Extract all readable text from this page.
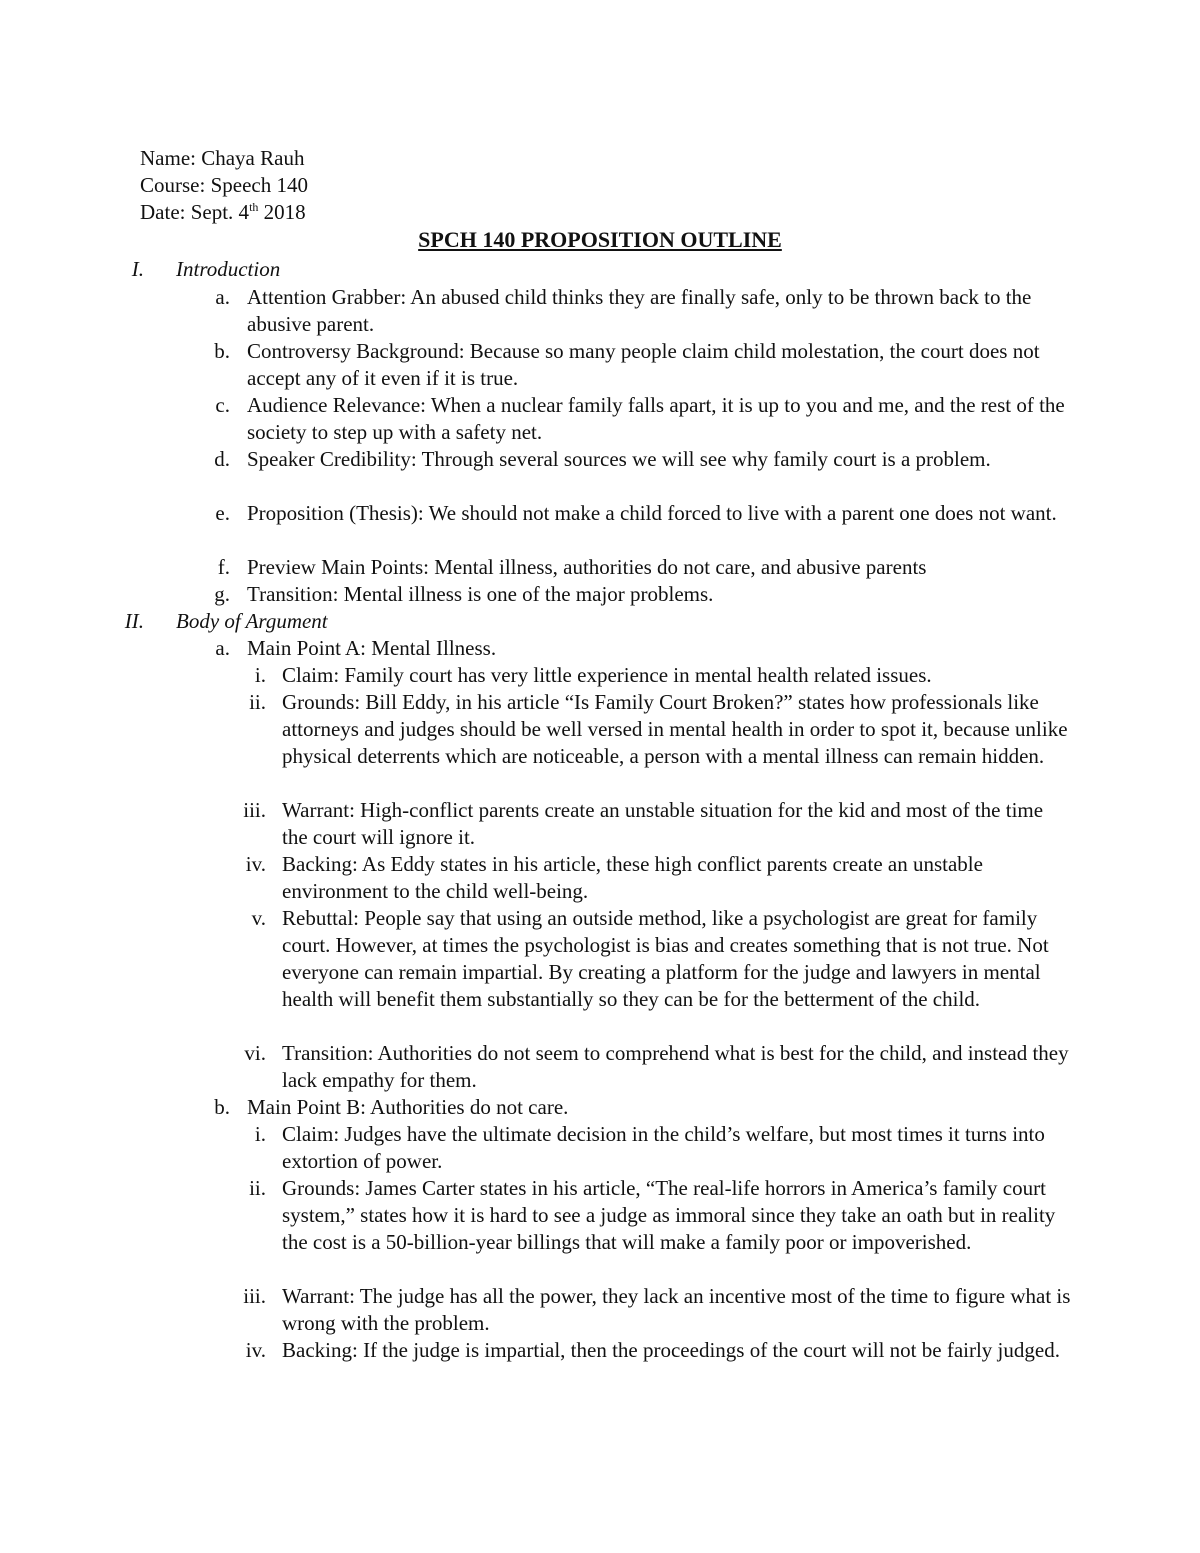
Name: Chaya Rauh
Course: Speech 140
Date: Sept. 4th 2018
SPCH 140 PROPOSITION OUTLINE
I. Introduction
a. Attention Grabber: An abused child thinks they are finally safe, only to be thrown back to the abusive parent.
b. Controversy Background: Because so many people claim child molestation, the court does not accept any of it even if it is true.
c. Audience Relevance: When a nuclear family falls apart, it is up to you and me, and the rest of the society to step up with a safety net.
d. Speaker Credibility: Through several sources we will see why family court is a problem.
e. Proposition (Thesis): We should not make a child forced to live with a parent one does not want.
f. Preview Main Points: Mental illness, authorities do not care, and abusive parents
g. Transition: Mental illness is one of the major problems.
II. Body of Argument
a. Main Point A: Mental Illness.
i. Claim: Family court has very little experience in mental health related issues.
ii. Grounds: Bill Eddy, in his article “Is Family Court Broken?” states how professionals like attorneys and judges should be well versed in mental health in order to spot it, because unlike physical deterrents which are noticeable, a person with a mental illness can remain hidden.
iii. Warrant: High-conflict parents create an unstable situation for the kid and most of the time the court will ignore it.
iv. Backing: As Eddy states in his article, these high conflict parents create an unstable environment to the child well-being.
v. Rebuttal: People say that using an outside method, like a psychologist are great for family court. However, at times the psychologist is bias and creates something that is not true. Not everyone can remain impartial. By creating a platform for the judge and lawyers in mental health will benefit them substantially so they can be for the betterment of the child.
vi. Transition: Authorities do not seem to comprehend what is best for the child, and instead they lack empathy for them.
b. Main Point B: Authorities do not care.
i. Claim: Judges have the ultimate decision in the child’s welfare, but most times it turns into extortion of power.
ii. Grounds: James Carter states in his article, “The real-life horrors in America’s family court system,” states how it is hard to see a judge as immoral since they take an oath but in reality the cost is a 50-billion-year billings that will make a family poor or impoverished.
iii. Warrant: The judge has all the power, they lack an incentive most of the time to figure what is wrong with the problem.
iv. Backing: If the judge is impartial, then the proceedings of the court will not be fairly judged.
